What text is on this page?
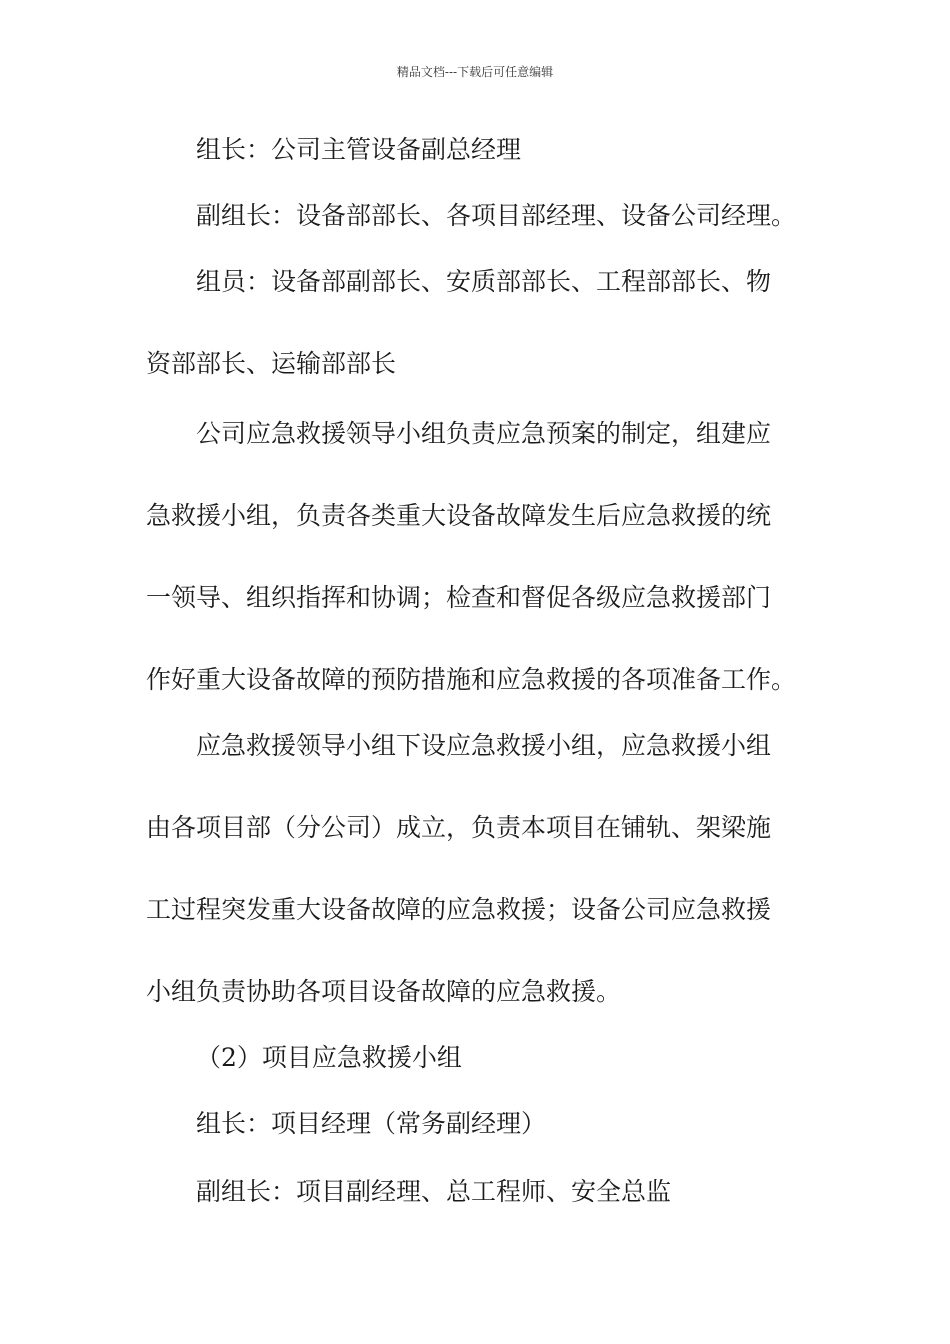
精品文档---下载后可任意编辑
组长：公司主管设备副总经理
副组长：设备部部长、各项目部经理、设备公司经理。
组员：设备部副部长、安质部部长、工程部部长、物
资部部长、运输部部长
公司应急救援领导小组负责应急预案的制定，组建应
急救援小组，负责各类重大设备故障发生后应急救援的统
一领导、组织指挥和协调；检查和督促各级应急救援部门
作好重大设备故障的预防措施和应急救援的各项准备工作。
应急救援领导小组下设应急救援小组，应急救援小组
由各项目部（分公司）成立，负责本项目在铺轨、架梁施
工过程突发重大设备故障的应急救援；设备公司应急救援
小组负责协助各项目设备故障的应急救援。
（2）项目应急救援小组
组长：项目经理（常务副经理）
副组长：项目副经理、总工程师、安全总监
